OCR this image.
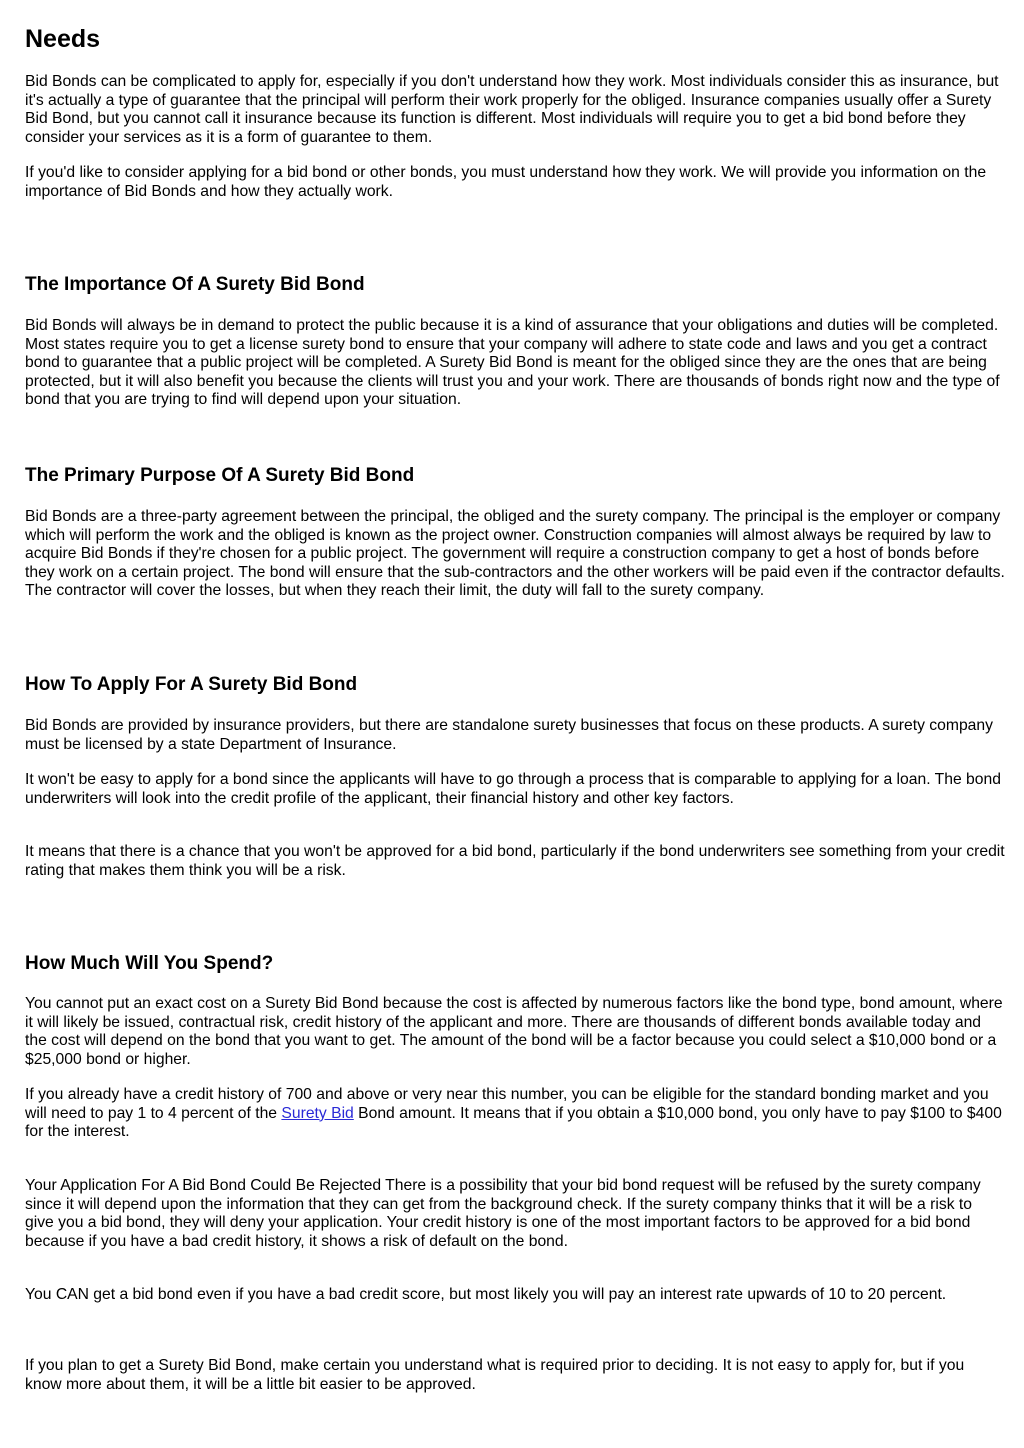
Needs

Bid Bonds can be complicated to apply for, especially if you don't understand how they work. Most individuals consider this as insurance, but it's actually a type of guarantee that the principal will perform their work properly for the obliged. Insurance companies usually offer a Surety Bid Bond, but you cannot call it insurance because its function is different. Most individuals will require you to get a bid bond before they consider your services as it is a form of guarantee to them.

If you'd like to consider applying for a bid bond or other bonds, you must understand how they work. We will provide you information on the importance of Bid Bonds and how they actually work.

The Importance Of A Surety Bid Bond

Bid Bonds will always be in demand to protect the public because it is a kind of assurance that your obligations and duties will be completed. Most states require you to get a license surety bond to ensure that your company will adhere to state code and laws and you get a contract bond to guarantee that a public project will be completed. A Surety Bid Bond is meant for the obliged since they are the ones that are being protected, but it will also benefit you because the clients will trust you and your work. There are thousands of bonds right now and the type of bond that you are trying to find will depend upon your situation.

The Primary Purpose Of A Surety Bid Bond

Bid Bonds are a three-party agreement between the principal, the obliged and the surety company. The principal is the employer or company which will perform the work and the obliged is known as the project owner. Construction companies will almost always be required by law to acquire Bid Bonds if they're chosen for a public project. The government will require a construction company to get a host of bonds before they work on a certain project. The bond will ensure that the sub-contractors and the other workers will be paid even if the contractor defaults. The contractor will cover the losses, but when they reach their limit, the duty will fall to the surety company.

How To Apply For A Surety Bid Bond

Bid Bonds are provided by insurance providers, but there are standalone surety businesses that focus on these products. A surety company must be licensed by a state Department of Insurance.

It won't be easy to apply for a bond since the applicants will have to go through a process that is comparable to applying for a loan. The bond underwriters will look into the credit profile of the applicant, their financial history and other key factors.

It means that there is a chance that you won't be approved for a bid bond, particularly if the bond underwriters see something from your credit rating that makes them think you will be a risk.

How Much Will You Spend?

You cannot put an exact cost on a Surety Bid Bond because the cost is affected by numerous factors like the bond type, bond amount, where it will likely be issued, contractual risk, credit history of the applicant and more. There are thousands of different bonds available today and the cost will depend on the bond that you want to get. The amount of the bond will be a factor because you could select a $10,000 bond or a $25,000 bond or higher.

If you already have a credit history of 700 and above or very near this number, you can be eligible for the standard bonding market and you will need to pay 1 to 4 percent of the Surety Bid Bond amount. It means that if you obtain a $10,000 bond, you only have to pay $100 to $400 for the interest.

Your Application For A Bid Bond Could Be Rejected There is a possibility that your bid bond request will be refused by the surety company since it will depend upon the information that they can get from the background check. If the surety company thinks that it will be a risk to give you a bid bond, they will deny your application. Your credit history is one of the most important factors to be approved for a bid bond because if you have a bad credit history, it shows a risk of default on the bond.

You CAN get a bid bond even if you have a bad credit score, but most likely you will pay an interest rate upwards of 10 to 20 percent.

If you plan to get a Surety Bid Bond, make certain you understand what is required prior to deciding. It is not easy to apply for, but if you know more about them, it will be a little bit easier to be approved.
